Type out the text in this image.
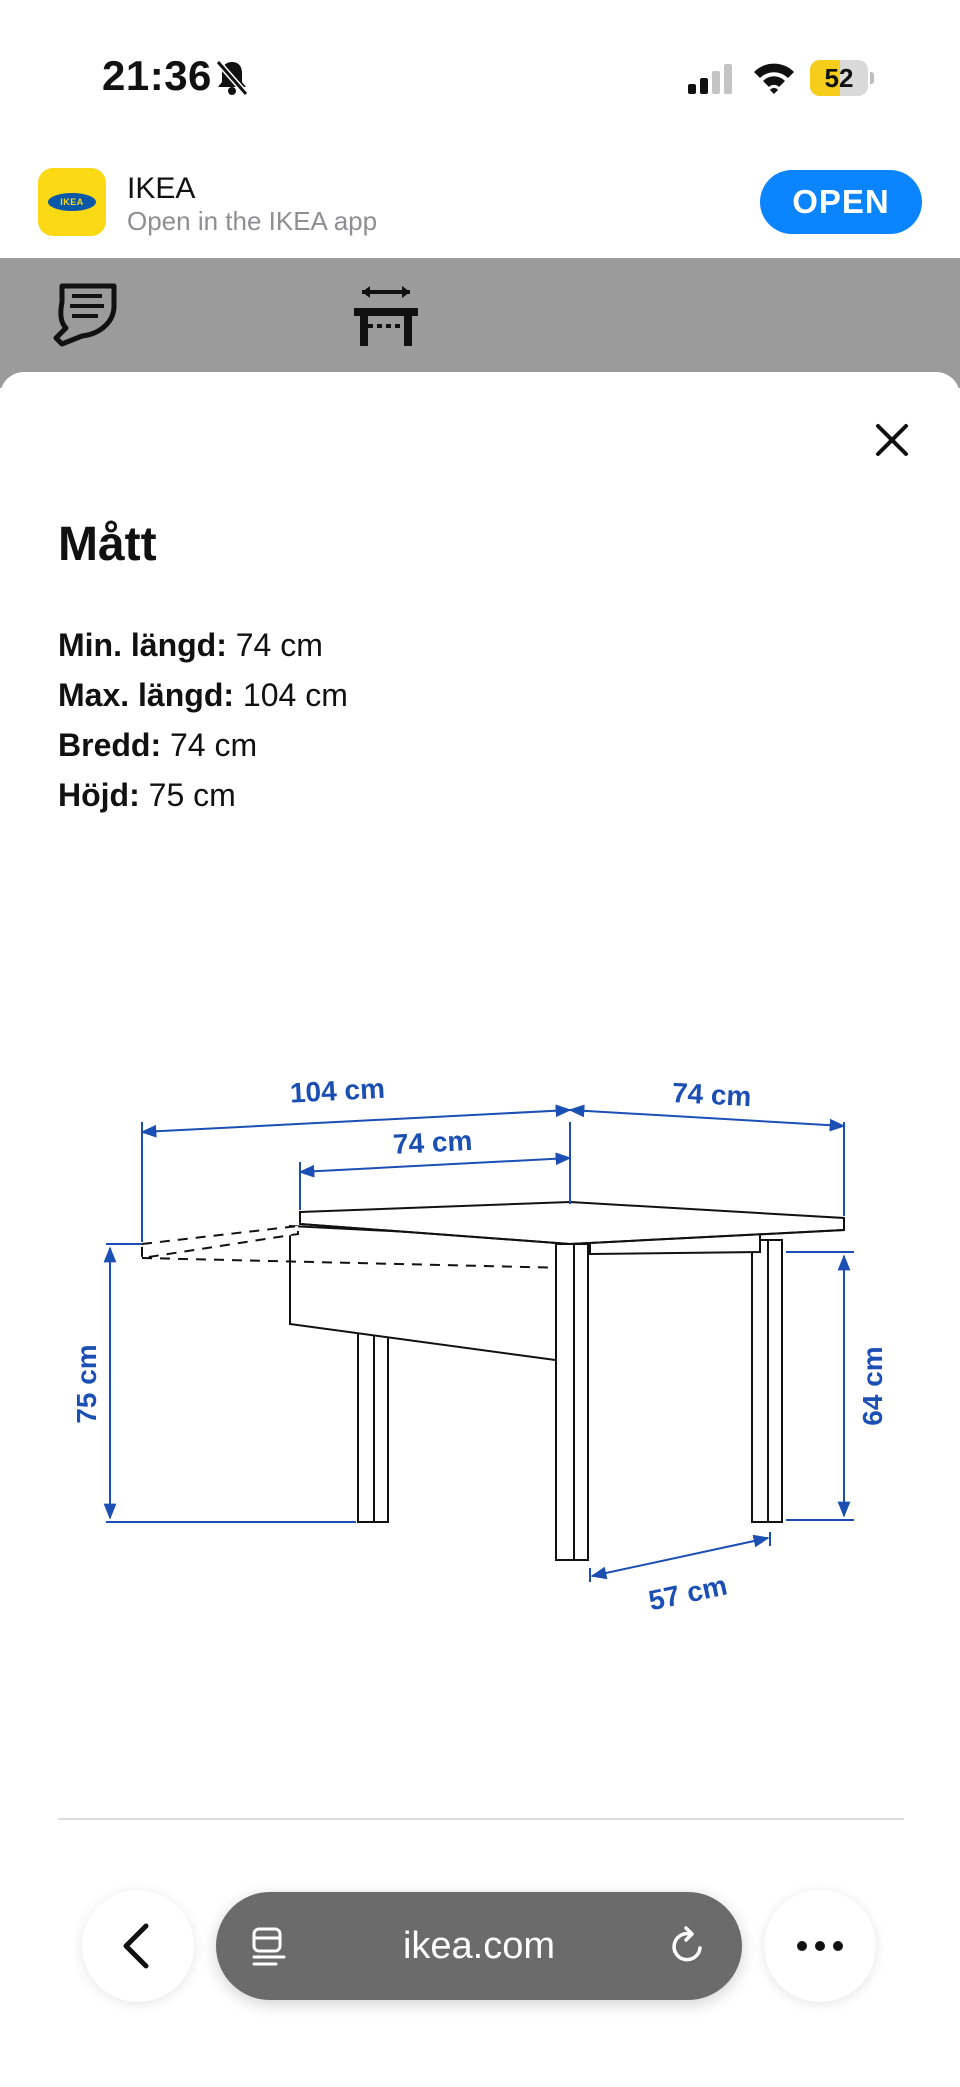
21:36	52
IKEA	IKEA
Open in the IKEA app
OPEN
Mått
Min. längd: 74 cm
Max. längd: 104 cm
Bredd: 74 cm
Höjd: 75 cm
104 cm
74 cm
74 cm
75 cm	64 cm
57 cm
ikea.com
